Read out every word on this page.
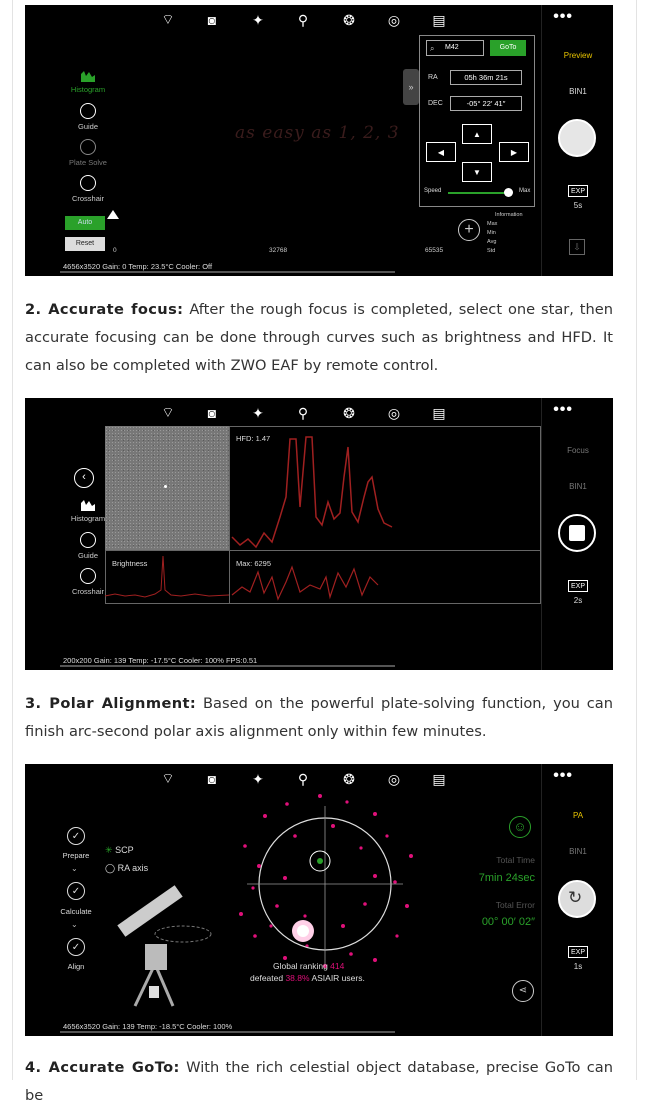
⌔	◙	✦	⚲	❂	◎	▤	•••
as easy as 1, 2, 3
Histogram
Guide
Plate Solve
Crosshair
»
M42
⌕	GoTo
RA	05h 36m 21s
DEC	-05° 22′ 41″
▲
◀	▶
▼
Speed	Max
Auto
Reset
0	32768	65535
+
Information
Max
Min
Avg
Std
Preview
BIN1
EXP
5s
⇩
4656x3520 Gain: 0 Temp: 23.5°C Cooler: Off
2. Accurate focus: After the rough focus is completed, select one star, then accurate focusing can be done through curves such as brightness and HFD. It can also be completed with ZWO EAF by remote control.
⌔	◙	✦	⚲	❂	◎	▤	•••
‹
Histogram
Guide
Crosshair
HFD: 1.47
Brightness	Max: 6295
Focus
BIN1
EXP
2s
200x200 Gain: 139 Temp: -17.5°C Cooler: 100% FPS:0.51
3. Polar Alignment: Based on the powerful plate-solving function, you can finish arc-second polar axis alignment only within few minutes.
⌔	◙	✦	⚲	❂	◎	▤	•••
✓
Prepare
⌄
✓
Calculate
⌄
✓
Align
✳ SCP
◯ RA axis
Global ranking 414
defeated 38.8% ASIAIR users.
☺
Total Time
7min 24sec
Total Error
00° 00′ 02″
⋖
PA
BIN1
↻
EXP
1s
4656x3520 Gain: 139 Temp: -18.5°C Cooler: 100%
4. Accurate GoTo: With the rich celestial object database, precise GoTo can be
